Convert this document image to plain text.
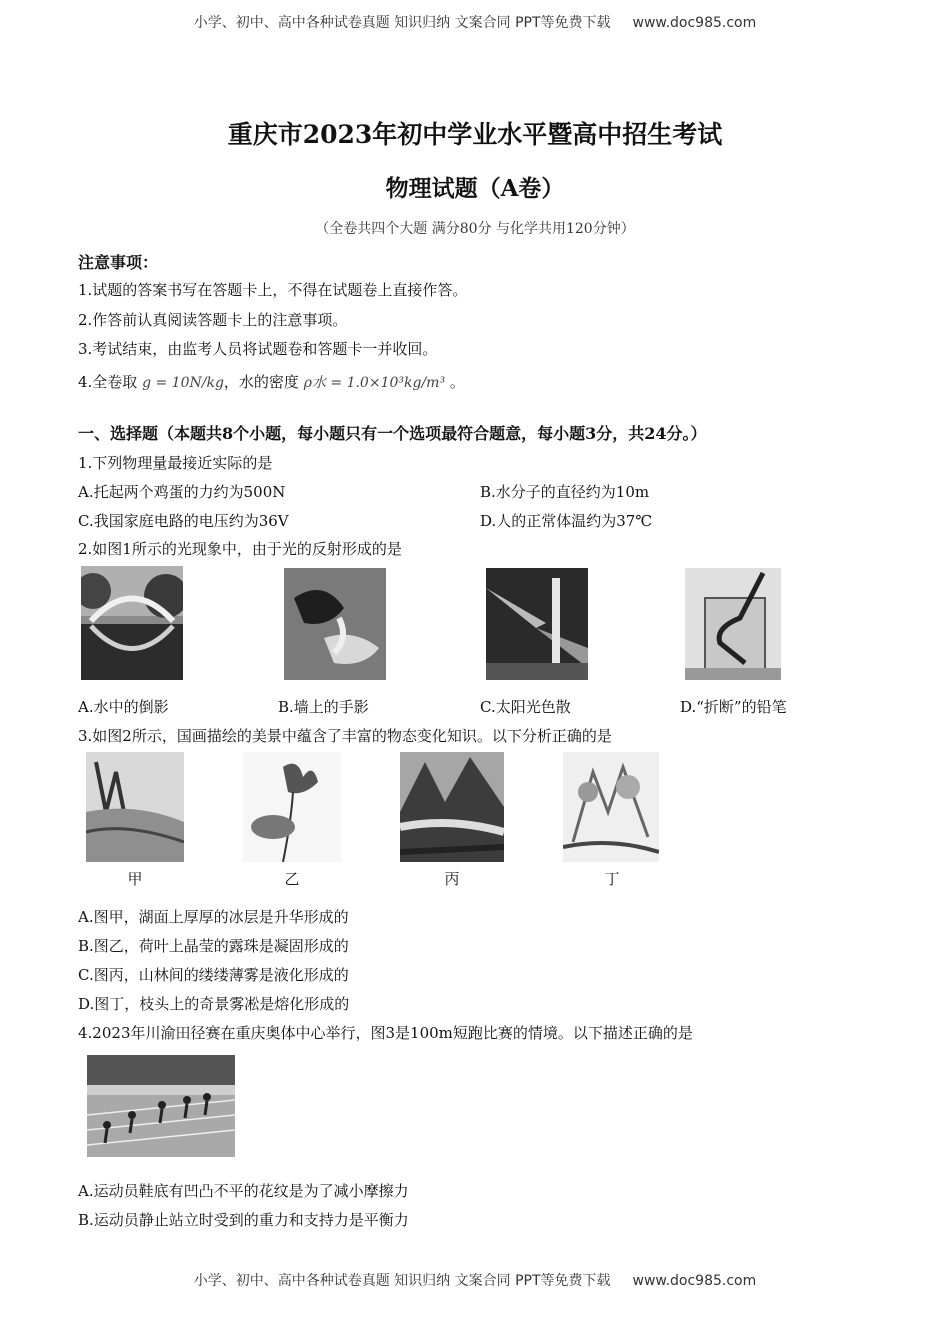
小学、初中、高中各种试卷真题 知识归纳 文案合同 PPT等免费下载 www.doc985.com
重庆市2023年初中学业水平暨高中招生考试
物理试题（A卷）
（全卷共四个大题 满分80分 与化学共用120分钟）
注意事项：
1.试题的答案书写在答题卡上，不得在试题卷上直接作答。
2.作答前认真阅读答题卡上的注意事项。
3.考试结束，由监考人员将试题卷和答题卡一并收回。
4.全卷取 g = 10N/kg，水的密度 ρ水 = 1.0×10³kg/m³ 。
一、选择题（本题共8个小题，每小题只有一个选项最符合题意，每小题3分，共24分。）
1.下列物理量最接近实际的是
A.托起两个鸡蛋的力约为500N	B.水分子的直径约为10m
C.我国家庭电路的电压约为36V	D.人的正常体温约为37℃
2.如图1所示的光现象中，由于光的反射形成的是
A.水中的倒影	B.墙上的手影	C.太阳光色散	D.“折断”的铅笔
3.如图2所示，国画描绘的美景中蕴含了丰富的物态变化知识。以下分析正确的是
甲	乙	丙	丁
A.图甲，湖面上厚厚的冰层是升华形成的
B.图乙，荷叶上晶莹的露珠是凝固形成的
C.图丙，山林间的缕缕薄雾是液化形成的
D.图丁，枝头上的奇景雾凇是熔化形成的
4.2023年川渝田径赛在重庆奥体中心举行，图3是100m短跑比赛的情境。以下描述正确的是
A.运动员鞋底有凹凸不平的花纹是为了减小摩擦力
B.运动员静止站立时受到的重力和支持力是平衡力
小学、初中、高中各种试卷真题 知识归纳 文案合同 PPT等免费下载 www.doc985.com
